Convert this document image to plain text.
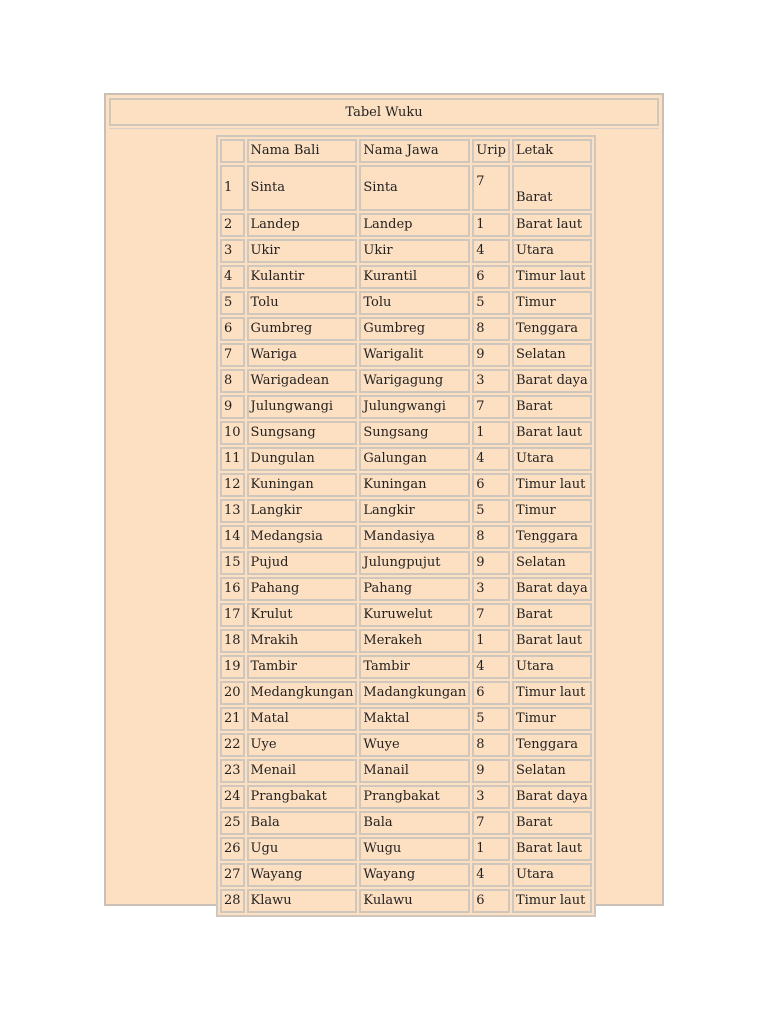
Tabel Wuku
	Nama Bali	Nama Jawa	Urip	Letak
1	Sinta	Sinta	7	Barat
2	Landep	Landep	1	Barat laut
3	Ukir	Ukir	4	Utara
4	Kulantir	Kurantil	6	Timur laut
5	Tolu	Tolu	5	Timur
6	Gumbreg	Gumbreg	8	Tenggara
7	Wariga	Warigalit	9	Selatan
8	Warigadean	Warigagung	3	Barat daya
9	Julungwangi	Julungwangi	7	Barat
10	Sungsang	Sungsang	1	Barat laut
11	Dungulan	Galungan	4	Utara
12	Kuningan	Kuningan	6	Timur laut
13	Langkir	Langkir	5	Timur
14	Medangsia	Mandasiya	8	Tenggara
15	Pujud	Julungpujut	9	Selatan
16	Pahang	Pahang	3	Barat daya
17	Krulut	Kuruwelut	7	Barat
18	Mrakih	Merakeh	1	Barat laut
19	Tambir	Tambir	4	Utara
20	Medangkungan	Madangkungan	6	Timur laut
21	Matal	Maktal	5	Timur
22	Uye	Wuye	8	Tenggara
23	Menail	Manail	9	Selatan
24	Prangbakat	Prangbakat	3	Barat daya
25	Bala	Bala	7	Barat
26	Ugu	Wugu	1	Barat laut
27	Wayang	Wayang	4	Utara
28	Klawu	Kulawu	6	Timur laut
